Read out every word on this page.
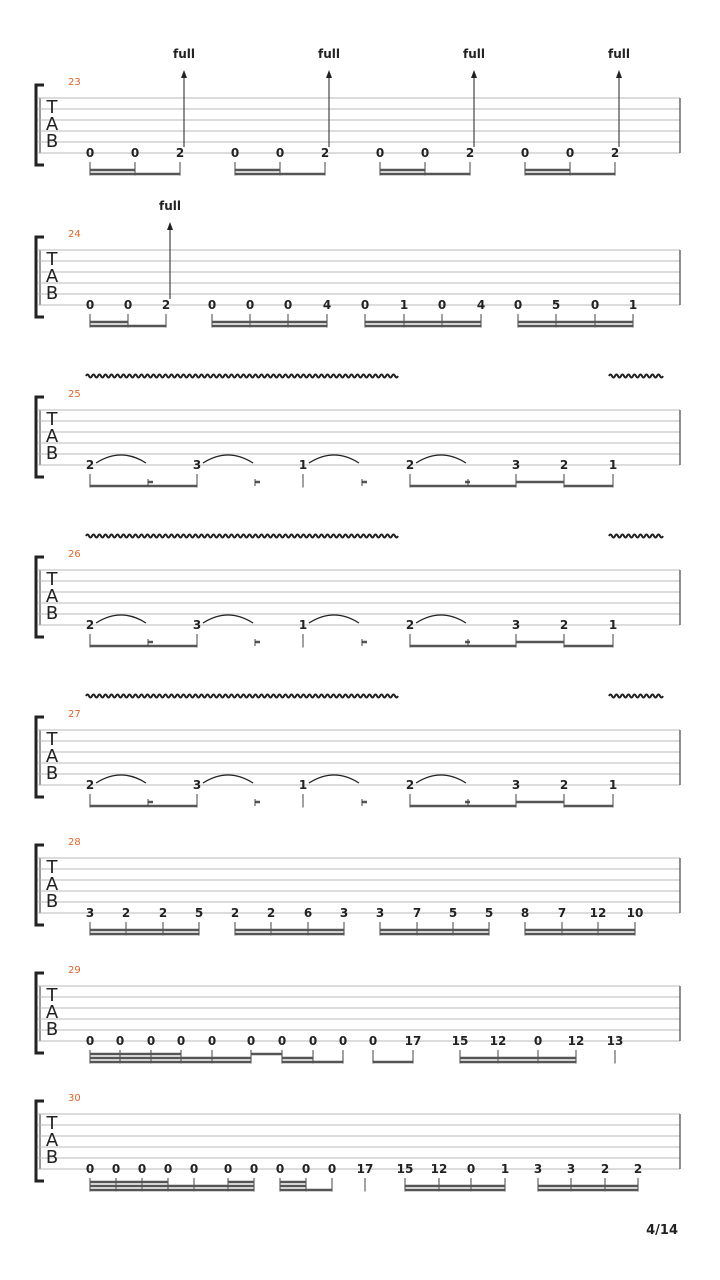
T
A
B
23
0	0	2	0	0	2	0	0	2	0	0	2
full	full	full	full
T
A
B
24
0 0 2	0 0 0	4 0	1 0	4 0 5	0 1
full
T
A
B
25
2	3	1	2	3	2	1
T
A
B
26
2	3	1	2	3	2	1
T
A
B
27
2	3	1	2	3	2	1
T
A
B
28
3 2 2 5 2 2 6 3 3 7 5 5 8 7 12 10
T
A
B
29
0 0 0 0 0	0 0 0 0 0 17	15 12 0 12 13
T
A
B
30
0 0 0 0 0 0 0 0 0 0 17 15 12 0 1 3 3 2 2
4/14
